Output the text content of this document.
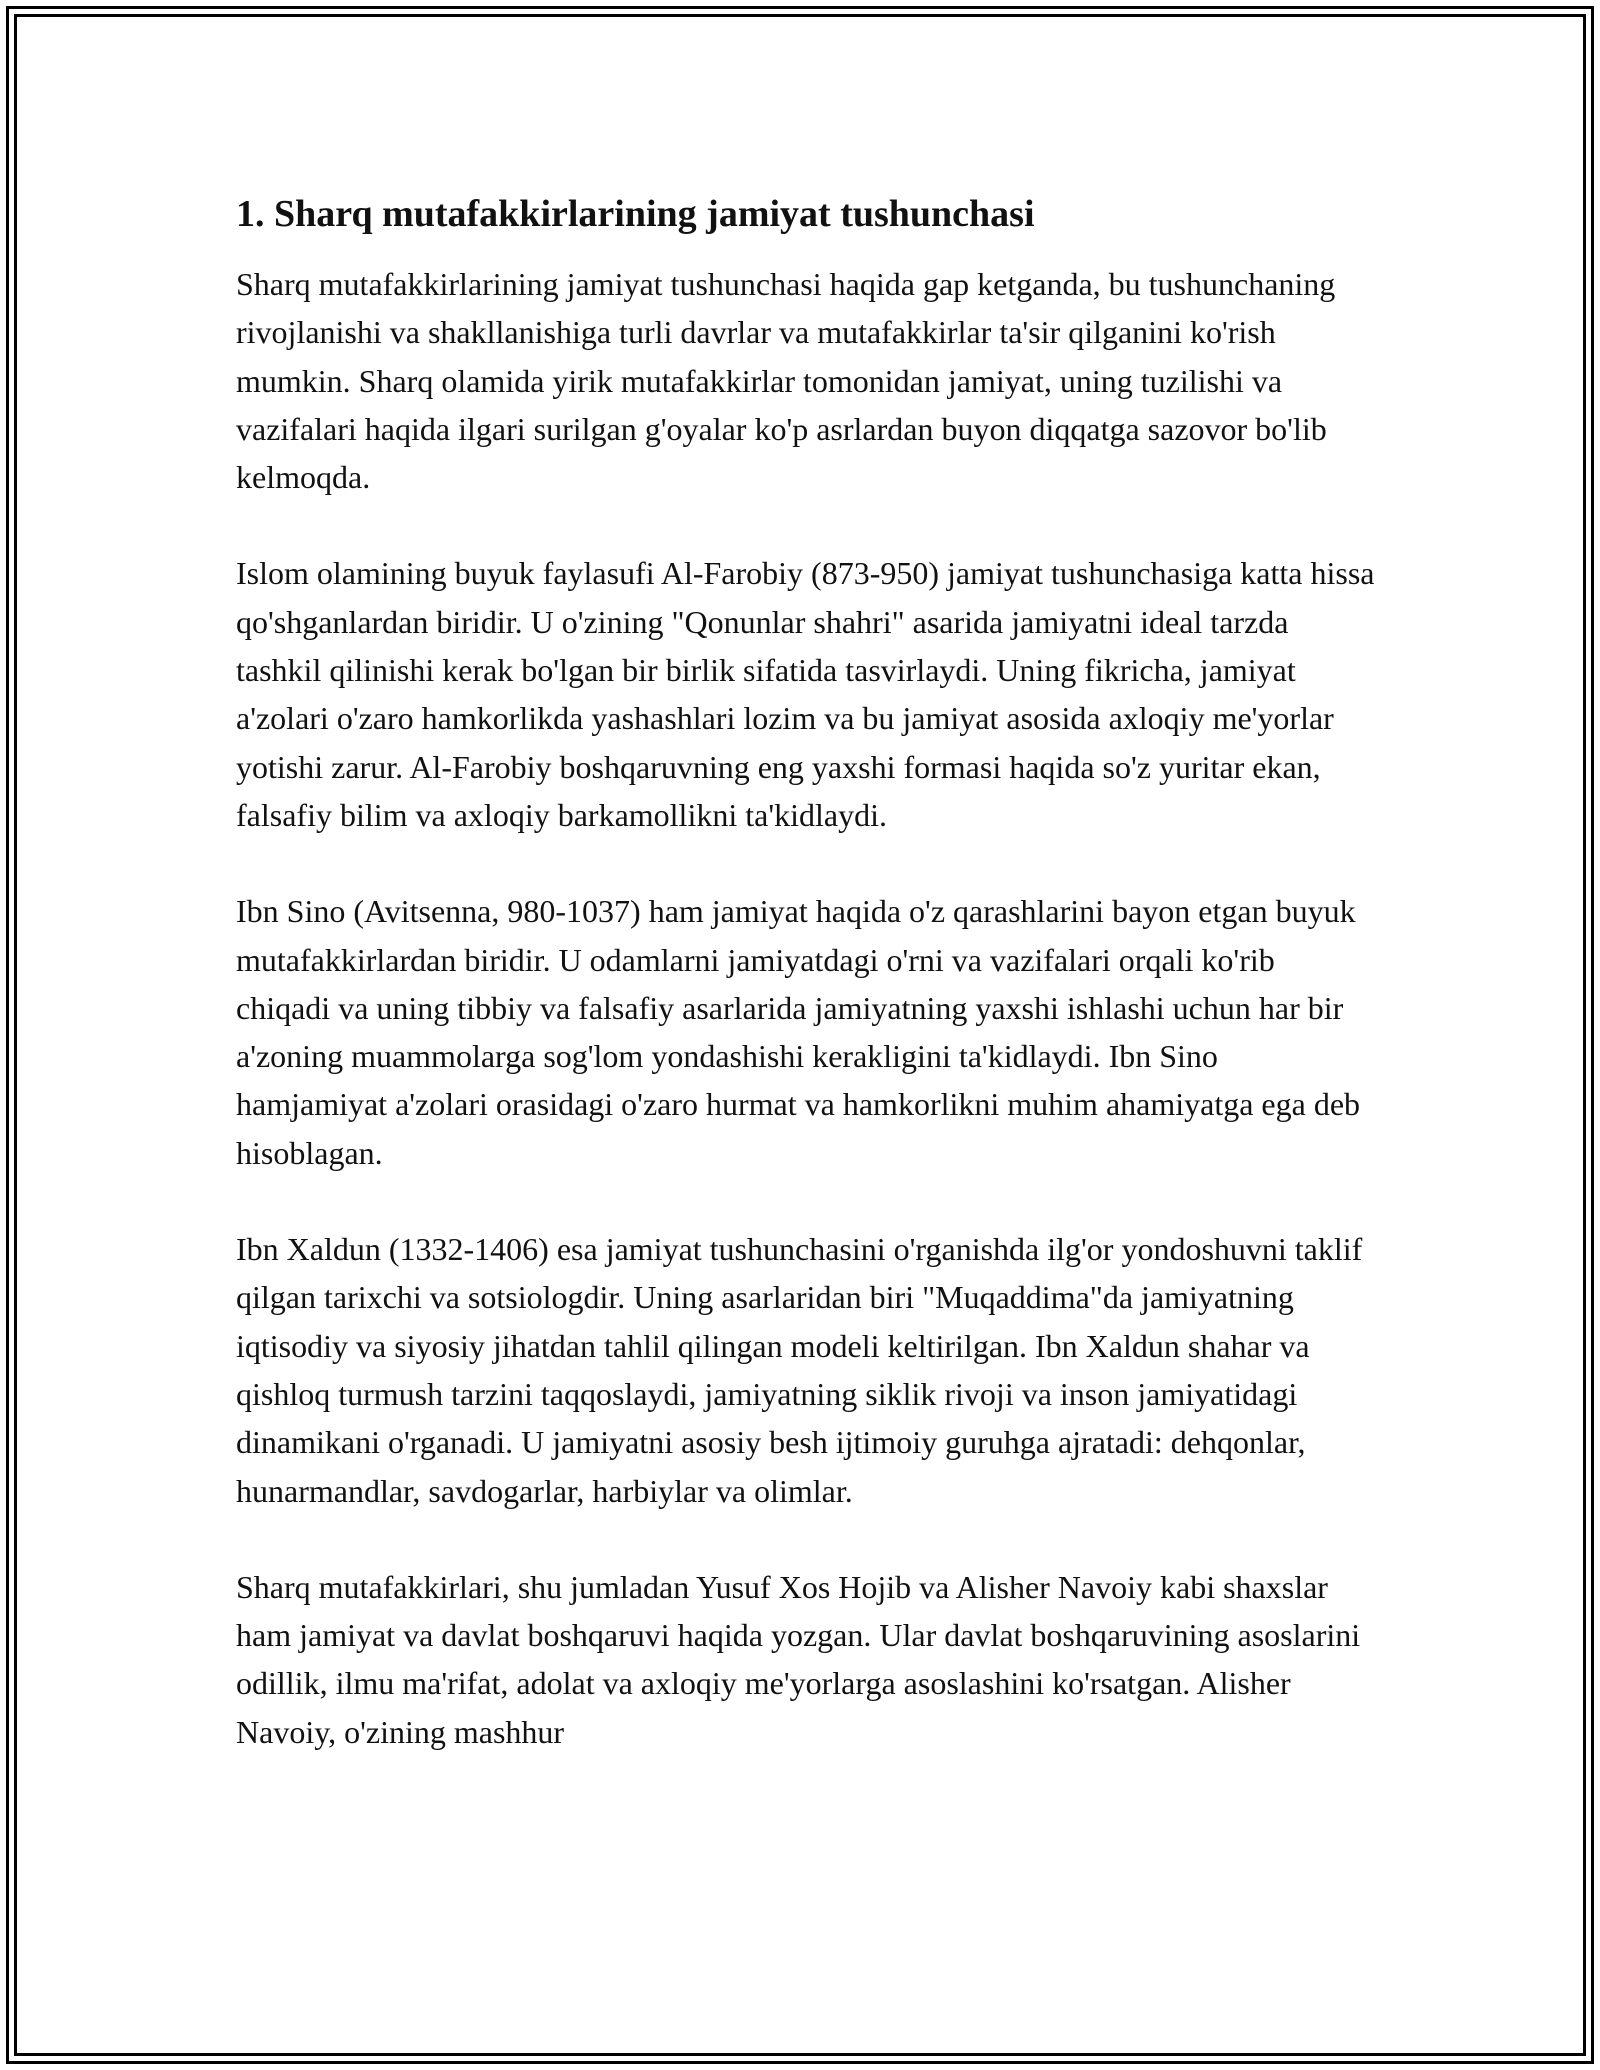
1. Sharq mutafakkirlarining jamiyat tushunchasi

Sharq mutafakkirlarining jamiyat tushunchasi haqida gap ketganda, bu tushunchaning rivojlanishi va shakllanishiga turli davrlar va mutafakkirlar ta'sir qilganini ko'rish mumkin. Sharq olamida yirik mutafakkirlar tomonidan jamiyat, uning tuzilishi va vazifalari haqida ilgari surilgan g'oyalar ko'p asrlardan buyon diqqatga sazovor bo'lib kelmoqda.

Islom olamining buyuk faylasufi Al-Farobiy (873-950) jamiyat tushunchasiga katta hissa qo'shganlardan biridir. U o'zining "Qonunlar shahri" asarida jamiyatni ideal tarzda tashkil qilinishi kerak bo'lgan bir birlik sifatida tasvirlaydi. Uning fikricha, jamiyat a'zolari o'zaro hamkorlikda yashashlari lozim va bu jamiyat asosida axloqiy me'yorlar yotishi zarur. Al-Farobiy boshqaruvning eng yaxshi formasi haqida so'z yuritar ekan, falsafiy bilim va axloqiy barkamollikni ta'kidlaydi.

Ibn Sino (Avitsenna, 980-1037) ham jamiyat haqida o'z qarashlarini bayon etgan buyuk mutafakkirlardan biridir. U odamlarni jamiyatdagi o'rni va vazifalari orqali ko'rib chiqadi va uning tibbiy va falsafiy asarlarida jamiyatning yaxshi ishlashi uchun har bir a'zoning muammolarga sog'lom yondashishi kerakligini ta'kidlaydi. Ibn Sino hamjamiyat a'zolari orasidagi o'zaro hurmat va hamkorlikni muhim ahamiyatga ega deb hisoblagan.

Ibn Xaldun (1332-1406) esa jamiyat tushunchasini o'rganishda ilg'or yondoshuvni taklif qilgan tarixchi va sotsiologdir. Uning asarlaridan biri "Muqaddima"da jamiyatning iqtisodiy va siyosiy jihatdan tahlil qilingan modeli keltirilgan. Ibn Xaldun shahar va qishloq turmush tarzini taqqoslaydi, jamiyatning siklik rivoji va inson jamiyatidagi dinamikani o'rganadi. U jamiyatni asosiy besh ijtimoiy guruhga ajratadi: dehqonlar, hunarmandlar, savdogarlar, harbiylar va olimlar.

Sharq mutafakkirlari, shu jumladan Yusuf Xos Hojib va Alisher Navoiy kabi shaxslar ham jamiyat va davlat boshqaruvi haqida yozgan. Ular davlat boshqaruvining asoslarini odillik, ilmu ma'rifat, adolat va axloqiy me'yorlarga asoslashini ko'rsatgan. Alisher Navoiy, o'zining mashhur
